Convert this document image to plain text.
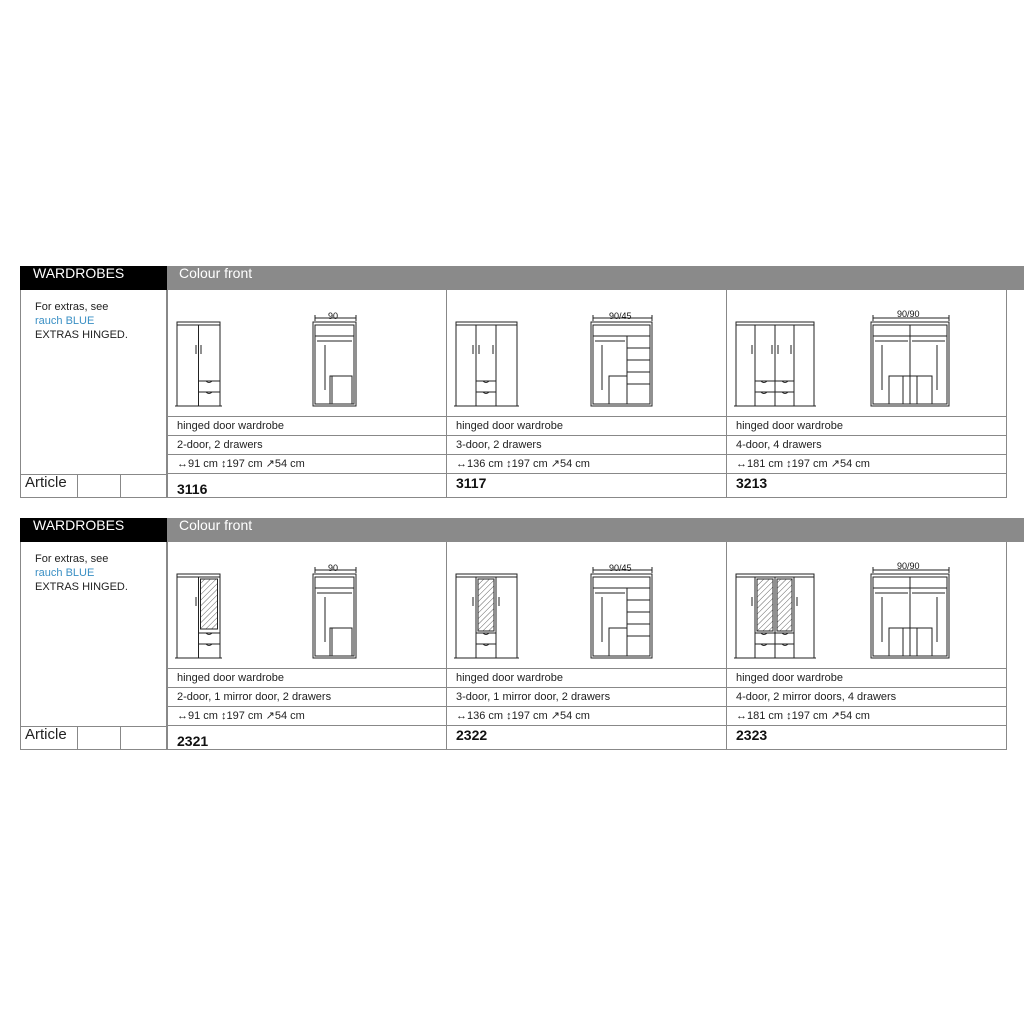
WARDROBES	Colour front
For extras, see
rauch BLUE
EXTRAS HINGED.
Article
90
hinged door wardrobe
2-door, 2 drawers
↔91 cm ↕197 cm ↗54 cm
3116
90/45
hinged door wardrobe
3-door, 2 drawers
↔136 cm ↕197 cm ↗54 cm
3117
90/90
hinged door wardrobe
4-door, 4 drawers
↔181 cm ↕197 cm ↗54 cm
3213
WARDROBES	Colour front
For extras, see
rauch BLUE
EXTRAS HINGED.
Article
90
hinged door wardrobe
2-door, 1 mirror door, 2 drawers
↔91 cm ↕197 cm ↗54 cm
2321
90/45
hinged door wardrobe
3-door, 1 mirror door, 2 drawers
↔136 cm ↕197 cm ↗54 cm
2322
90/90
hinged door wardrobe
4-door, 2 mirror doors, 4 drawers
↔181 cm ↕197 cm ↗54 cm
2323
